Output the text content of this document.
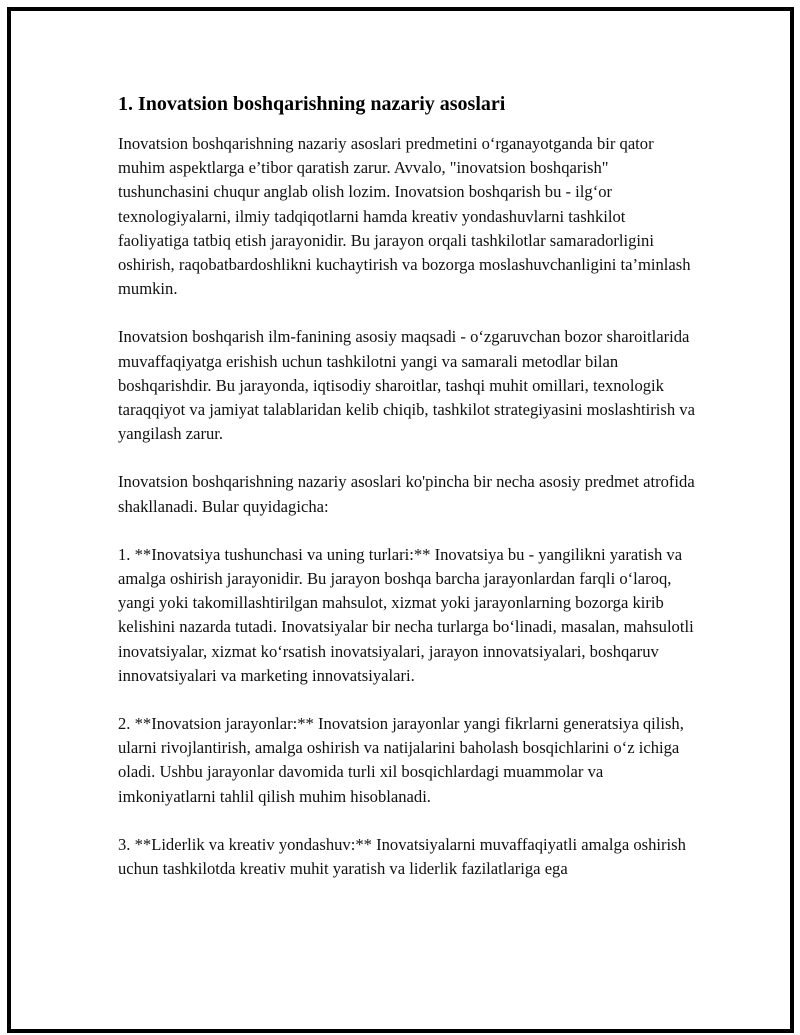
1. Inovatsion boshqarishning nazariy asoslari

Inovatsion boshqarishning nazariy asoslari predmetini o‘rganayotganda bir qator muhim aspektlarga e’tibor qaratish zarur. Avvalo, "inovatsion boshqarish" tushunchasini chuqur anglab olish lozim. Inovatsion boshqarish bu - ilg‘or texnologiyalarni, ilmiy tadqiqotlarni hamda kreativ yondashuvlarni tashkilot faoliyatiga tatbiq etish jarayonidir. Bu jarayon orqali tashkilotlar samaradorligini oshirish, raqobatbardoshlikni kuchaytirish va bozorga moslashuvchanligini ta’minlash mumkin.

Inovatsion boshqarish ilm-fanining asosiy maqsadi - o‘zgaruvchan bozor sharoitlarida muvaffaqiyatga erishish uchun tashkilotni yangi va samarali metodlar bilan boshqarishdir. Bu jarayonda, iqtisodiy sharoitlar, tashqi muhit omillari, texnologik taraqqiyot va jamiyat talablaridan kelib chiqib, tashkilot strategiyasini moslashtirish va yangilash zarur.

Inovatsion boshqarishning nazariy asoslari ko'pincha bir necha asosiy predmet atrofida shakllanadi. Bular quyidagicha:

1. **Inovatsiya tushunchasi va uning turlari:** Inovatsiya bu - yangilikni yaratish va amalga oshirish jarayonidir. Bu jarayon boshqa barcha jarayonlardan farqli o‘laroq, yangi yoki takomillashtirilgan mahsulot, xizmat yoki jarayonlarning bozorga kirib kelishini nazarda tutadi. Inovatsiyalar bir necha turlarga bo‘linadi, masalan, mahsulotli inovatsiyalar, xizmat ko‘rsatish inovatsiyalari, jarayon innovatsiyalari, boshqaruv innovatsiyalari va marketing innovatsiyalari.

2. **Inovatsion jarayonlar:** Inovatsion jarayonlar yangi fikrlarni generatsiya qilish, ularni rivojlantirish, amalga oshirish va natijalarini baholash bosqichlarini o‘z ichiga oladi. Ushbu jarayonlar davomida turli xil bosqichlardagi muammolar va imkoniyatlarni tahlil qilish muhim hisoblanadi.

3. **Liderlik va kreativ yondashuv:** Inovatsiyalarni muvaffaqiyatli amalga oshirish uchun tashkilotda kreativ muhit yaratish va liderlik fazilatlariga ega
